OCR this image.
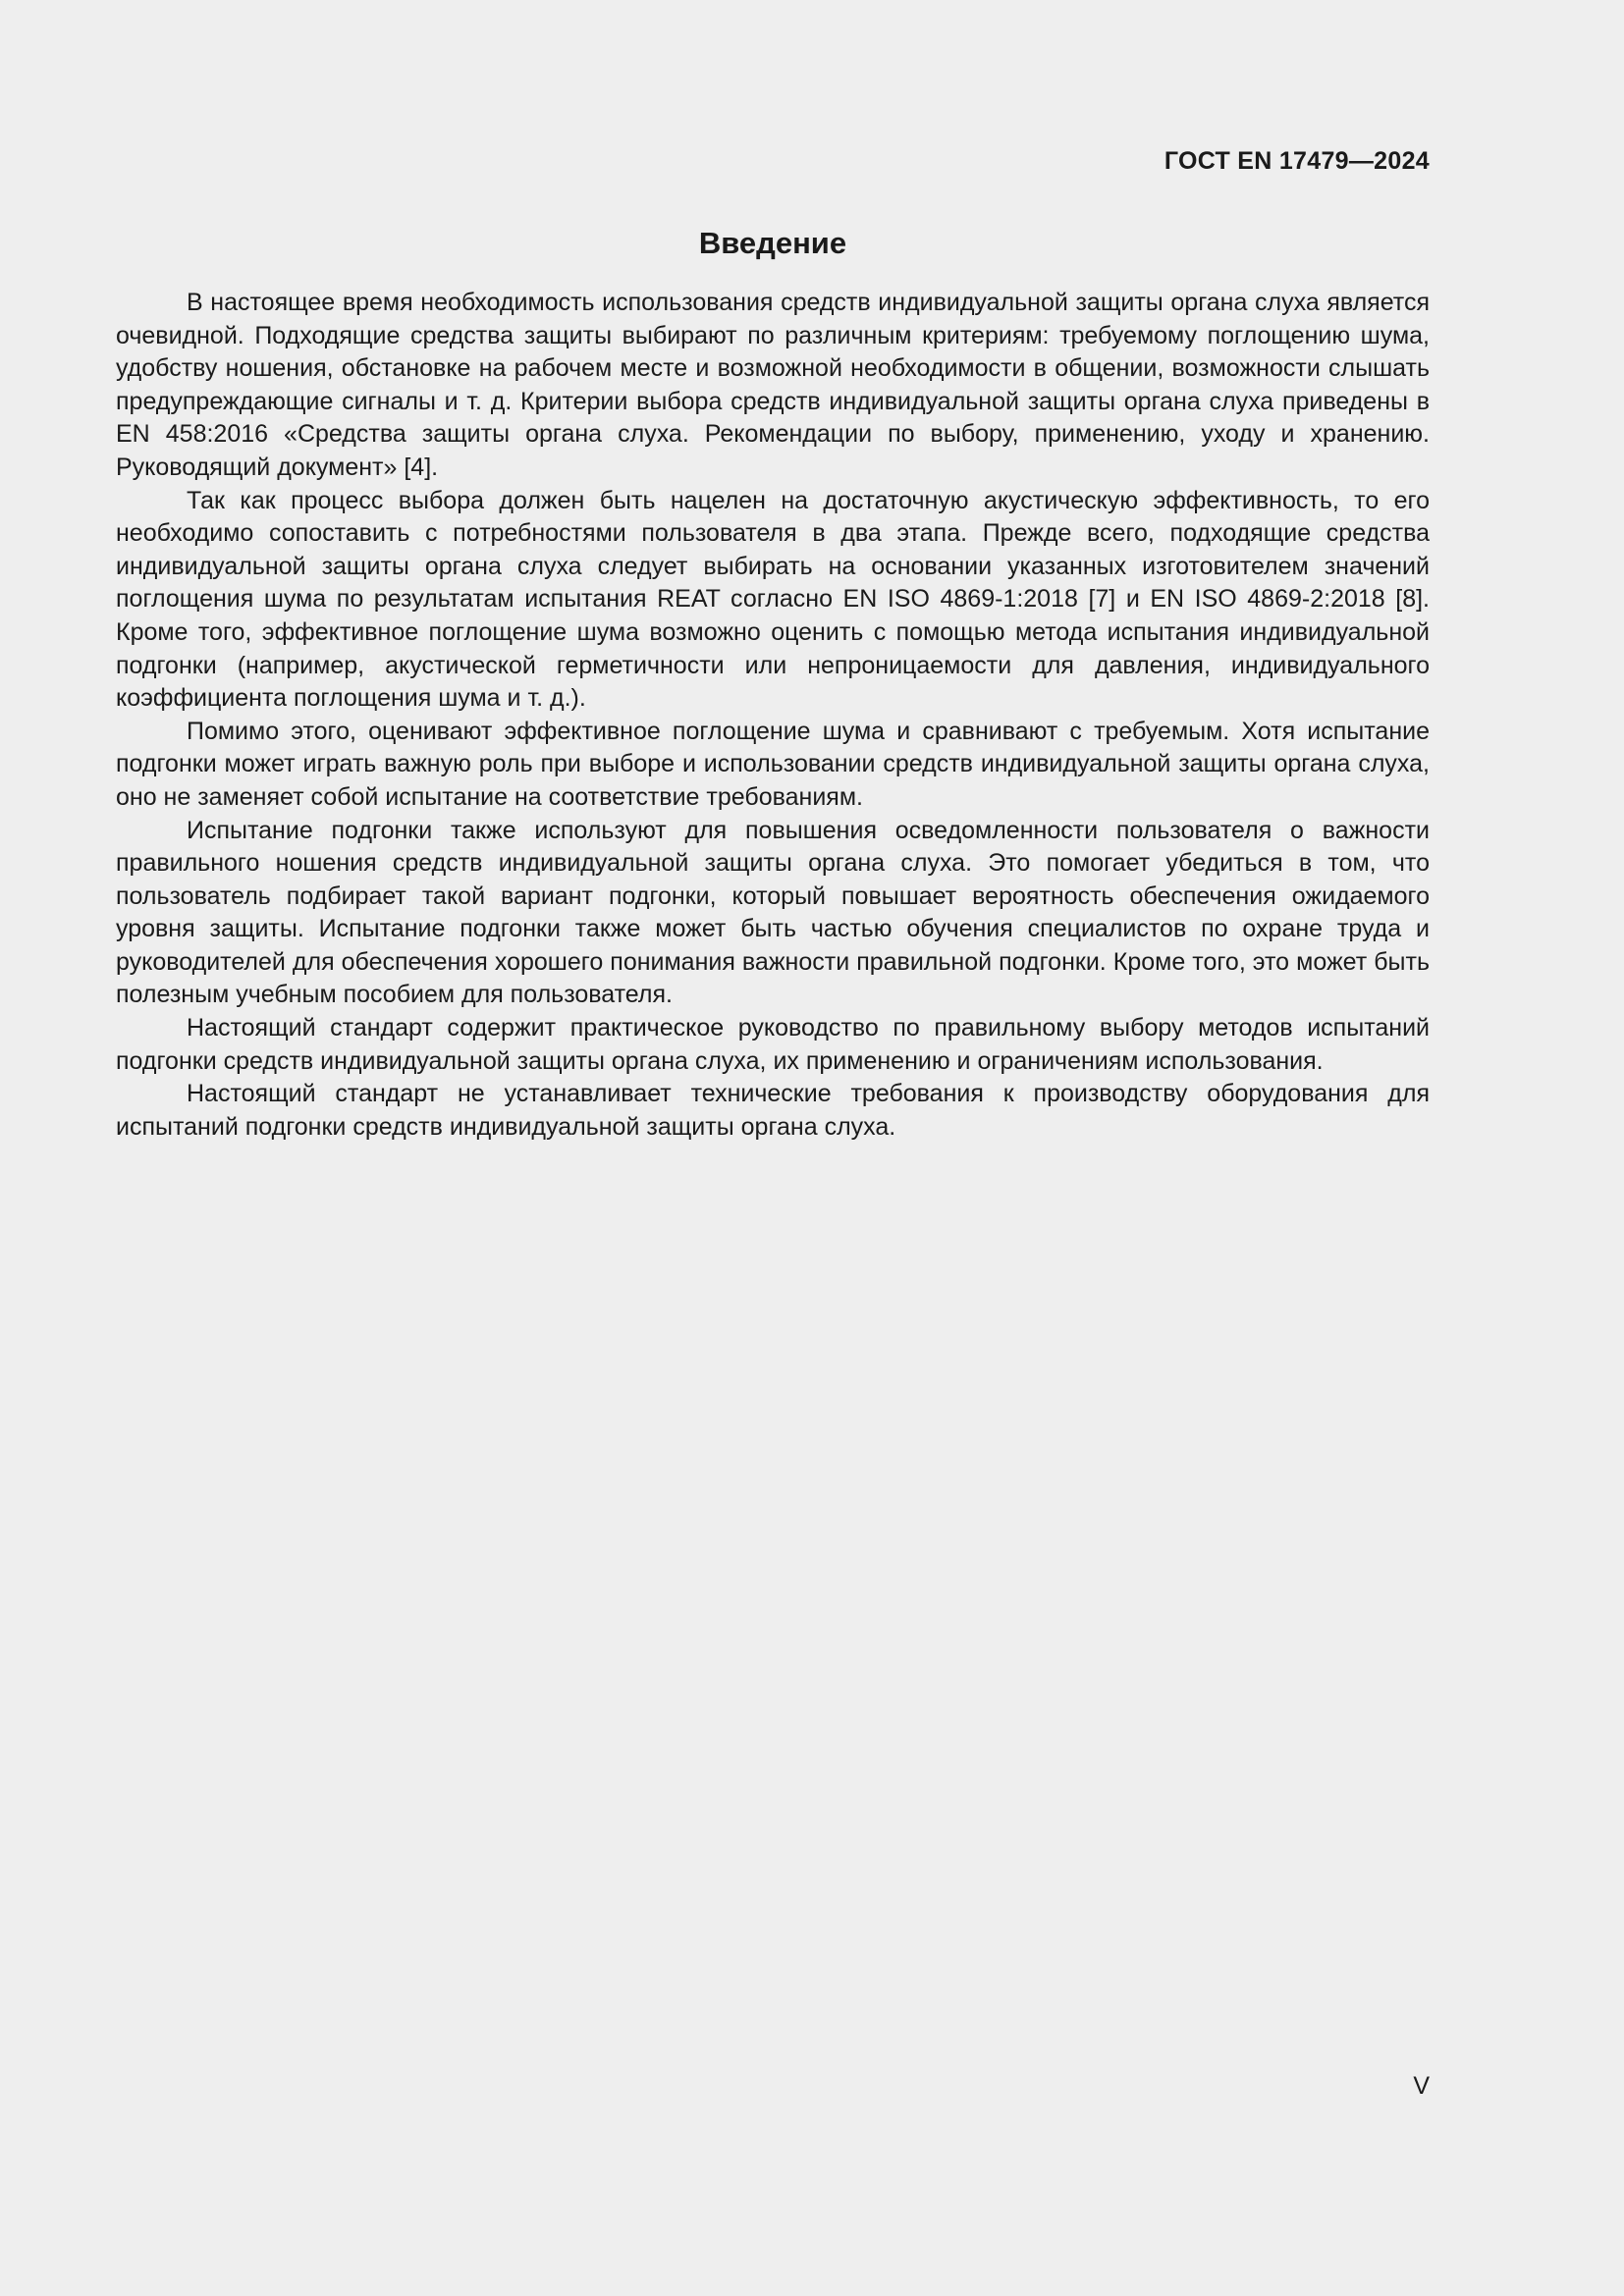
ГОСТ EN 17479—2024
Введение

В настоящее время необходимость использования средств индивидуальной защиты органа слуха является очевидной. Подходящие средства защиты выбирают по различным критериям: требуемому поглощению шума, удобству ношения, обстановке на рабочем месте и возможной необходимости в общении, возможности слышать предупреждающие сигналы и т. д. Критерии выбора средств индивидуальной защиты органа слуха приведены в EN 458:2016 «Средства защиты органа слуха. Рекомендации по выбору, применению, уходу и хранению. Руководящий документ» [4].

Так как процесс выбора должен быть нацелен на достаточную акустическую эффективность, то его необходимо сопоставить с потребностями пользователя в два этапа. Прежде всего, подходящие средства индивидуальной защиты органа слуха следует выбирать на основании указанных изготовителем значений поглощения шума по результатам испытания REAT согласно EN ISO 4869-1:2018 [7] и EN ISO 4869-2:2018 [8]. Кроме того, эффективное поглощение шума возможно оценить с помощью метода испытания индивидуальной подгонки (например, акустической герметичности или непроницаемости для давления, индивидуального коэффициента поглощения шума и т. д.).

Помимо этого, оценивают эффективное поглощение шума и сравнивают с требуемым. Хотя испытание подгонки может играть важную роль при выборе и использовании средств индивидуальной защиты органа слуха, оно не заменяет собой испытание на соответствие требованиям.

Испытание подгонки также используют для повышения осведомленности пользователя о важности правильного ношения средств индивидуальной защиты органа слуха. Это помогает убедиться в том, что пользователь подбирает такой вариант подгонки, который повышает вероятность обеспечения ожидаемого уровня защиты. Испытание подгонки также может быть частью обучения специалистов по охране труда и руководителей для обеспечения хорошего понимания важности правильной подгонки. Кроме того, это может быть полезным учебным пособием для пользователя.

Настоящий стандарт содержит практическое руководство по правильному выбору методов испытаний подгонки средств индивидуальной защиты органа слуха, их применению и ограничениям использования.

Настоящий стандарт не устанавливает технические требования к производству оборудования для испытаний подгонки средств индивидуальной защиты органа слуха.

V
